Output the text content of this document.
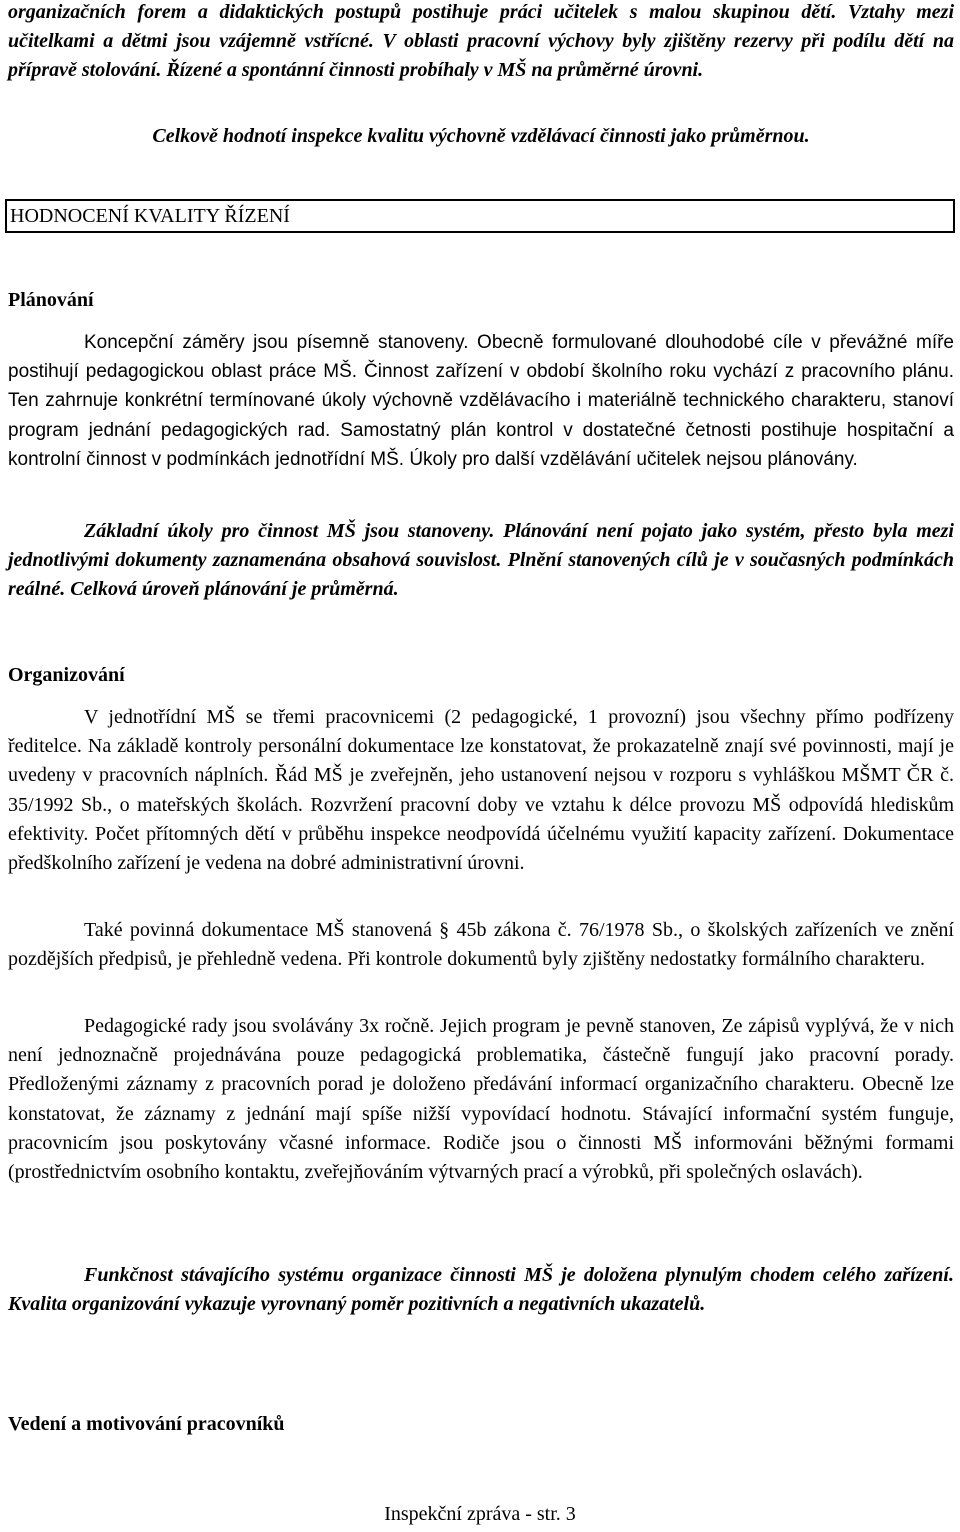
organizačních forem a didaktických postupů postihuje práci učitelek s malou skupinou dětí. Vztahy mezi učitelkami a dětmi jsou vzájemně vstřícné. V oblasti pracovní výchovy byly zjištěny rezervy při podílu dětí na přípravě stolování. Řízené a spontánní činnosti probíhaly v MŠ na průměrné úrovni.

Celkově hodnotí inspekce kvalitu výchovně vzdělávací činnosti jako průměrnou.

HODNOCENÍ KVALITY ŘÍZENÍ

Plánování

Koncepční záměry jsou písemně stanoveny. Obecně formulované dlouhodobé cíle v převážné míře postihují pedagogickou oblast práce MŠ. Činnost zařízení v období školního roku vychází z pracovního plánu. Ten zahrnuje konkrétní termínované úkoly výchovně vzdělávacího i materiálně technického charakteru, stanoví program jednání pedagogických rad. Samostatný plán kontrol v dostatečné četnosti postihuje hospitační a kontrolní činnost v podmínkách jednotřídní MŠ. Úkoly pro další vzdělávání učitelek nejsou plánovány.

Základní úkoly pro činnost MŠ jsou stanoveny. Plánování není pojato jako systém, přesto byla mezi jednotlivými dokumenty zaznamenána obsahová souvislost. Plnění stanovených cílů je v současných podmínkách reálné. Celková úroveň plánování je průměrná.

Organizování

V jednotřídní MŠ se třemi pracovnicemi (2 pedagogické, 1 provozní) jsou všechny přímo podřízeny ředitelce. Na základě kontroly personální dokumentace lze konstatovat, že prokazatelně znají své povinnosti, mají je uvedeny v pracovních náplních. Řád MŠ je zveřejněn, jeho ustanovení nejsou v rozporu s vyhláškou MŠMT ČR č. 35/1992 Sb., o mateřských školách. Rozvržení pracovní doby ve vztahu k délce provozu MŠ odpovídá hlediskům efektivity. Počet přítomných dětí v průběhu inspekce neodpovídá účelnému využití kapacity zařízení. Dokumentace předškolního zařízení je vedena na dobré administrativní úrovni.

Také povinná dokumentace MŠ stanovená § 45b zákona č. 76/1978 Sb., o školských zařízeních ve znění pozdějších předpisů, je přehledně vedena. Při kontrole dokumentů byly zjištěny nedostatky formálního charakteru.

Pedagogické rady jsou svolávány 3x ročně. Jejich program je pevně stanoven, Ze zápisů vyplývá, že v nich není jednoznačně projednávána pouze pedagogická problematika, částečně fungují jako pracovní porady. Předloženými záznamy z pracovních porad je doloženo předávání informací organizačního charakteru. Obecně lze konstatovat, že záznamy z jednání mají spíše nižší vypovídací hodnotu. Stávající informační systém funguje, pracovnicím jsou poskytovány včasné informace. Rodiče jsou o činnosti MŠ informováni běžnými formami (prostřednictvím osobního kontaktu, zveřejňováním výtvarných prací a výrobků, při společných oslavách).

Funkčnost stávajícího systému organizace činnosti MŠ je doložena plynulým chodem celého zařízení. Kvalita organizování vykazuje vyrovnaný poměr pozitivních a negativních ukazatelů.

Vedení a motivování pracovníků

Inspekční zpráva - str. 3
